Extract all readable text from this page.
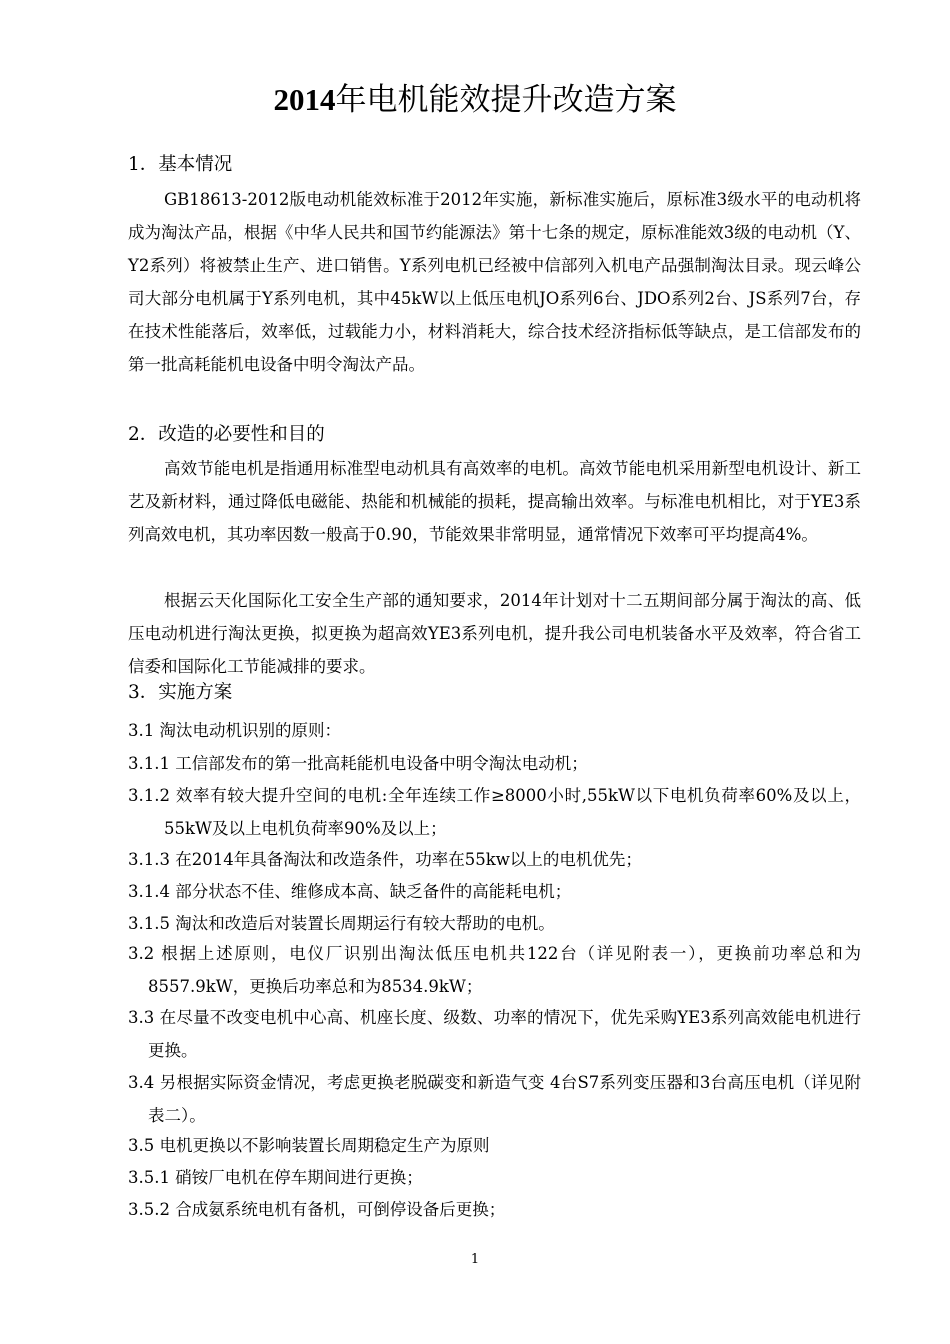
2014年电机能效提升改造方案
1．基本情况

GB18613-2012版电动机能效标准于2012年实施，新标准实施后，原标准3级水平的电动机将成为淘汰产品，根据《中华人民共和国节约能源法》第十七条的规定，原标准能效3级的电动机（Y、Y2系列）将被禁止生产、进口销售。Y系列电机已经被中信部列入机电产品强制淘汰目录。现云峰公司大部分电机属于Y系列电机，其中45kW以上低压电机JO系列6台、JDO系列2台、JS系列7台，存在技术性能落后，效率低，过载能力小，材料消耗大，综合技术经济指标低等缺点，是工信部发布的第一批高耗能机电设备中明令淘汰产品。

2．改造的必要性和目的

高效节能电机是指通用标准型电动机具有高效率的电机。高效节能电机采用新型电机设计、新工艺及新材料，通过降低电磁能、热能和机械能的损耗，提高输出效率。与标准电机相比，对于YE3系列高效电机，其功率因数一般高于0.90，节能效果非常明显，通常情况下效率可平均提高4%。

根据云天化国际化工安全生产部的通知要求，2014年计划对十二五期间部分属于淘汰的高、低压电动机进行淘汰更换，拟更换为超高效YE3系列电机，提升我公司电机装备水平及效率，符合省工信委和国际化工节能减排的要求。

3．实施方案

3.1 淘汰电动机识别的原则：

3.1.1 工信部发布的第一批高耗能机电设备中明令淘汰电动机；

3.1.2 效率有较大提升空间的电机:全年连续工作≥8000小时,55kW以下电机负荷率60%及以上，55kW及以上电机负荷率90%及以上；

3.1.3 在2014年具备淘汰和改造条件，功率在55kw以上的电机优先；

3.1.4 部分状态不佳、维修成本高、缺乏备件的高能耗电机；

3.1.5 淘汰和改造后对装置长周期运行有较大帮助的电机。

3.2 根据上述原则，电仪厂识别出淘汰低压电机共122台（详见附表一），更换前功率总和为8557.9kW，更换后功率总和为8534.9kW；

3.3 在尽量不改变电机中心高、机座长度、级数、功率的情况下，优先采购YE3系列高效能电机进行更换。

3.4 另根据实际资金情况，考虑更换老脱碳变和新造气变 4台S7系列变压器和3台高压电机（详见附表二）。

3.5 电机更换以不影响装置长周期稳定生产为原则

3.5.1 硝铵厂电机在停车期间进行更换；

3.5.2 合成氨系统电机有备机，可倒停设备后更换；

1
